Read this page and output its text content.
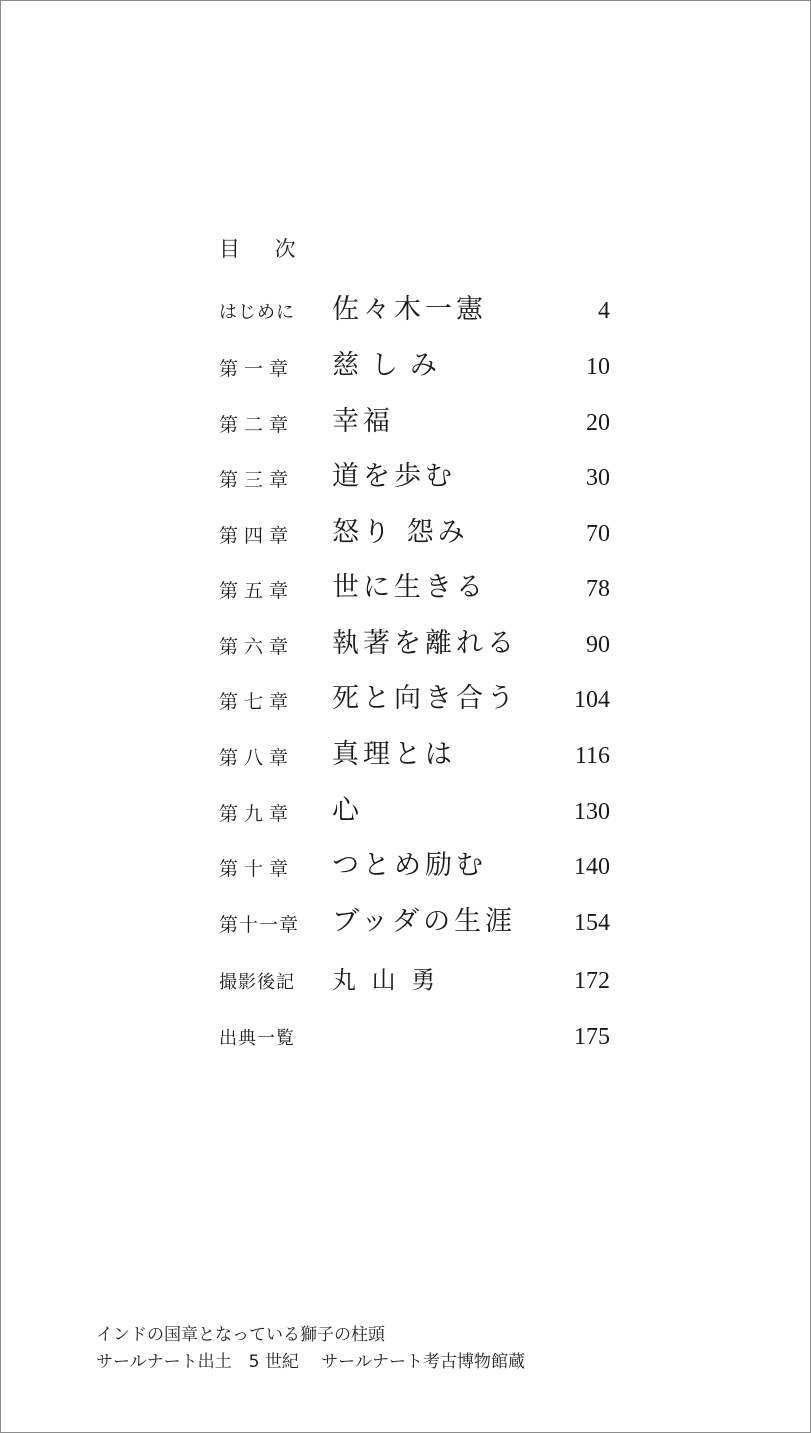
目 次
はじめに 佐々木一憲	4
第一章 慈しみ	10
第二章 幸福	20
第三章 道を歩む	30
第四章 怒り 怨み	70
第五章 世に生きる	78
第六章 執著を離れる	90
第七章 死と向き合う 104
第八章 真理とは	116
第九章 心	130
第十章 つとめ励む	140
第十一章 ブッダの生涯 154
撮影後記 丸 山 勇	172
出典一覧	175
インドの国章となっている獅子の柱頭
サールナート出土　5 世紀　 サールナート考古博物館蔵
